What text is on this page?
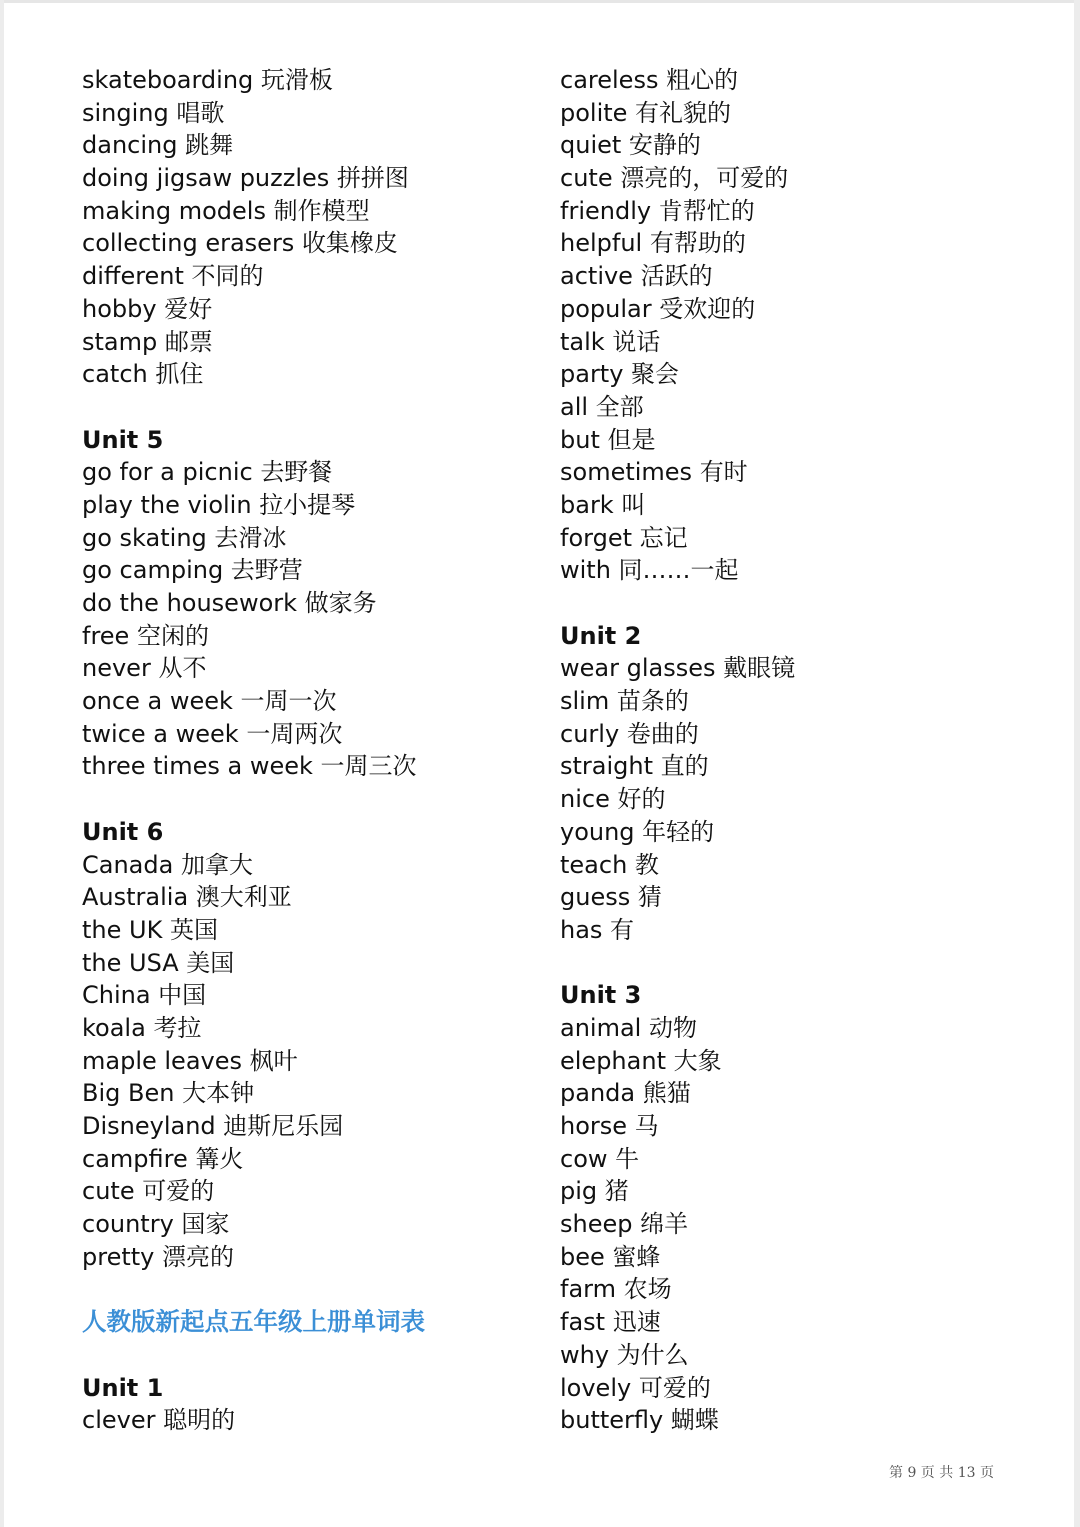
skateboarding 玩滑板
singing 唱歌
dancing 跳舞
doing jigsaw puzzles 拼拼图
making models 制作模型
collecting erasers 收集橡皮
different 不同的
hobby 爱好
stamp 邮票
catch 抓住
Unit 5
go for a picnic 去野餐
play the violin 拉小提琴
go skating 去滑冰
go camping 去野营
do the housework 做家务
free 空闲的
never 从不
once a week 一周一次
twice a week 一周两次
three times a week 一周三次
Unit 6
Canada 加拿大
Australia 澳大利亚
the UK 英国
the USA 美国
China 中国
koala 考拉
maple leaves 枫叶
Big Ben 大本钟
Disneyland 迪斯尼乐园
campfire 篝火
cute 可爱的
country 国家
pretty 漂亮的
人教版新起点五年级上册单词表
Unit 1
clever 聪明的
careless 粗心的
polite 有礼貌的
quiet 安静的
cute 漂亮的，可爱的
friendly 肯帮忙的
helpful 有帮助的
active 活跃的
popular 受欢迎的
talk 说话
party 聚会
all 全部
but 但是
sometimes 有时
bark 叫
forget 忘记
with 同……一起
Unit 2
wear glasses 戴眼镜
slim 苗条的
curly 卷曲的
straight 直的
nice 好的
young 年轻的
teach 教
guess 猜
has 有
Unit 3
animal 动物
elephant 大象
panda 熊猫
horse 马
cow 牛
pig 猪
sheep 绵羊
bee 蜜蜂
farm 农场
fast 迅速
why 为什么
lovely 可爱的
butterfly 蝴蝶
第 9 页 共 13 页
